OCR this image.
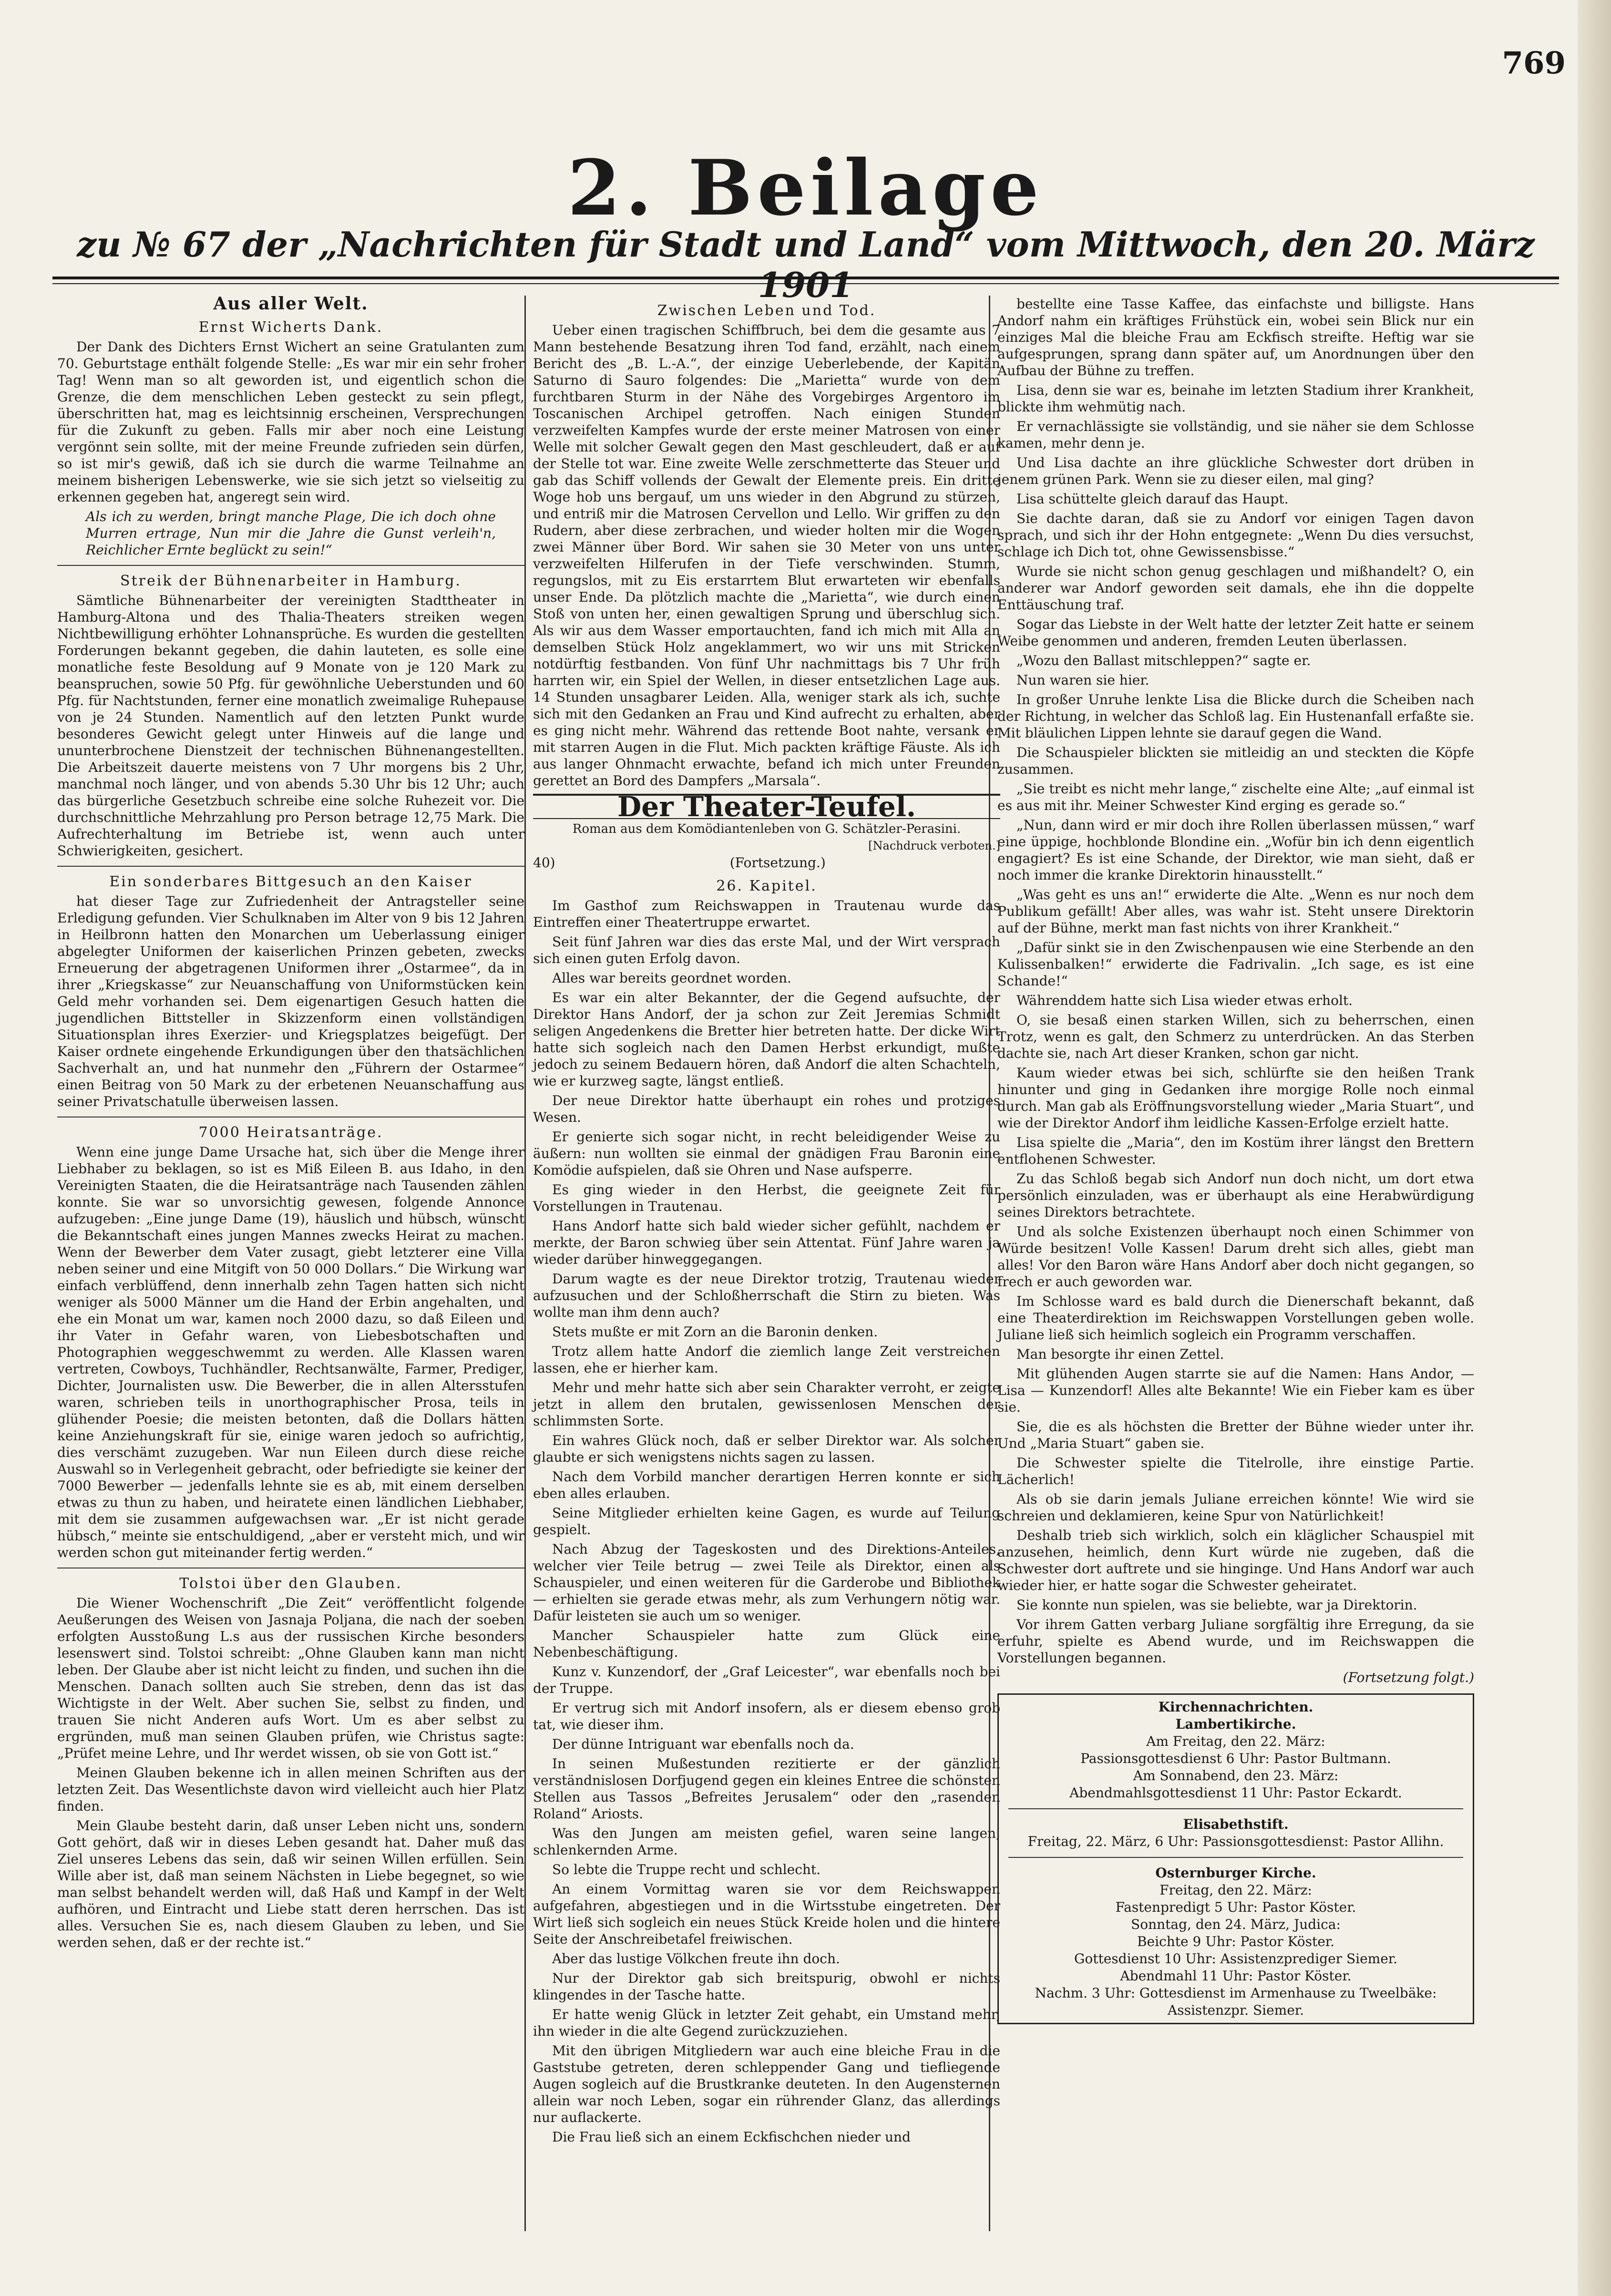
769
2. Beilage
zu № 67 der „Nachrichten für Stadt und Land“ vom Mittwoch, den 20. März 1901
Aus aller Welt.
Ernst Wicherts Dank.

Der Dank des Dichters Ernst Wichert an seine Gratulanten zum 70. Geburtstage enthält folgende Stelle: „Es war mir ein sehr froher Tag! Wenn man so alt geworden ist, und eigentlich schon die Grenze, die dem menschlichen Leben gesteckt zu sein pflegt, überschritten hat, mag es leichtsinnig erscheinen, Versprechungen für die Zukunft zu geben. Falls mir aber noch eine Leistung vergönnt sein sollte, mit der meine Freunde zufrieden sein dürfen, so ist mir's gewiß, daß ich sie durch die warme Teilnahme an meinem bisherigen Lebenswerke, wie sie sich jetzt so vielseitig zu erkennen gegeben hat, angeregt sein wird.

Als ich zu werden, bringt manche Plage, Die ich doch ohne Murren ertrage, Nun mir die Jahre die Gunst verleih'n, Reichlicher Ernte beglückt zu sein!“

Streik der Bühnenarbeiter in Hamburg.

Sämtliche Bühnenarbeiter der vereinigten Stadttheater in Hamburg-Altona und des Thalia-Theaters streiken wegen Nichtbewilligung erhöhter Lohnansprüche. Es wurden die gestellten Forderungen bekannt gegeben, die dahin lauteten, es solle eine monatliche feste Besoldung auf 9 Monate von je 120 Mark zu beanspruchen, sowie 50 Pfg. für gewöhnliche Ueberstunden und 60 Pfg. für Nachtstunden, ferner eine monatlich zweimalige Ruhepause von je 24 Stunden. Namentlich auf den letzten Punkt wurde besonderes Gewicht gelegt unter Hinweis auf die lange und ununterbrochene Dienstzeit der technischen Bühnenangestellten. Die Arbeitszeit dauerte meistens von 7 Uhr morgens bis 2 Uhr, manchmal noch länger, und von abends 5.30 Uhr bis 12 Uhr; auch das bürgerliche Gesetzbuch schreibe eine solche Ruhezeit vor. Die durchschnittliche Mehrzahlung pro Person betrage 12,75 Mark. Die Aufrechterhaltung im Betriebe ist, wenn auch unter Schwierigkeiten, gesichert.

Ein sonderbares Bittgesuch an den Kaiser

hat dieser Tage zur Zufriedenheit der Antragsteller seine Erledigung gefunden. Vier Schulknaben im Alter von 9 bis 12 Jahren in Heilbronn hatten den Monarchen um Ueberlassung einiger abgelegter Uniformen der kaiserlichen Prinzen gebeten, zwecks Erneuerung der abgetragenen Uniformen ihrer „Ostarmee“, da in ihrer „Kriegskasse“ zur Neuanschaffung von Uniformstücken kein Geld mehr vorhanden sei. Dem eigenartigen Gesuch hatten die jugendlichen Bittsteller in Skizzenform einen vollständigen Situationsplan ihres Exerzier- und Kriegsplatzes beigefügt. Der Kaiser ordnete eingehende Erkundigungen über den thatsächlichen Sachverhalt an, und hat nunmehr den „Führern der Ostarmee“ einen Beitrag von 50 Mark zu der erbetenen Neuanschaffung aus seiner Privatschatulle überweisen lassen.

7000 Heiratsanträge.

Wenn eine junge Dame Ursache hat, sich über die Menge ihrer Liebhaber zu beklagen, so ist es Miß Eileen B. aus Idaho, in den Vereinigten Staaten, die die Heiratsanträge nach Tausenden zählen konnte. Sie war so unvorsichtig gewesen, folgende Annonce aufzugeben: „Eine junge Dame (19), häuslich und hübsch, wünscht die Bekanntschaft eines jungen Mannes zwecks Heirat zu machen. Wenn der Bewerber dem Vater zusagt, giebt letzterer eine Villa neben seiner und eine Mitgift von 50 000 Dollars.“ Die Wirkung war einfach verblüffend, denn innerhalb zehn Tagen hatten sich nicht weniger als 5000 Männer um die Hand der Erbin angehalten, und ehe ein Monat um war, kamen noch 2000 dazu, so daß Eileen und ihr Vater in Gefahr waren, von Liebesbotschaften und Photographien weggeschwemmt zu werden. Alle Klassen waren vertreten, Cowboys, Tuchhändler, Rechtsanwälte, Farmer, Prediger, Dichter, Journalisten usw. Die Bewerber, die in allen Altersstufen waren, schrieben teils in unorthographischer Prosa, teils in glühender Poesie; die meisten betonten, daß die Dollars hätten keine Anziehungskraft für sie, einige waren jedoch so aufrichtig, dies verschämt zuzugeben. War nun Eileen durch diese reiche Auswahl so in Verlegenheit gebracht, oder befriedigte sie keiner der 7000 Bewerber — jedenfalls lehnte sie es ab, mit einem derselben etwas zu thun zu haben, und heiratete einen ländlichen Liebhaber, mit dem sie zusammen aufgewachsen war. „Er ist nicht gerade hübsch,“ meinte sie entschuldigend, „aber er versteht mich, und wir werden schon gut miteinander fertig werden.“

Tolstoi über den Glauben.

Die Wiener Wochenschrift „Die Zeit“ veröffentlicht folgende Aeußerungen des Weisen von Jasnaja Poljana, die nach der soeben erfolgten Ausstoßung L.s aus der russischen Kirche besonders lesenswert sind. Tolstoi schreibt: „Ohne Glauben kann man nicht leben. Der Glaube aber ist nicht leicht zu finden, und suchen ihn die Menschen. Danach sollten auch Sie streben, denn das ist das Wichtigste in der Welt. Aber suchen Sie, selbst zu finden, und trauen Sie nicht Anderen aufs Wort. Um es aber selbst zu ergründen, muß man seinen Glauben prüfen, wie Christus sagte: „Prüfet meine Lehre, und Ihr werdet wissen, ob sie von Gott ist.“

Meinen Glauben bekenne ich in allen meinen Schriften aus der letzten Zeit. Das Wesentlichste davon wird vielleicht auch hier Platz finden.

Mein Glaube besteht darin, daß unser Leben nicht uns, sondern Gott gehört, daß wir in dieses Leben gesandt hat. Daher muß das Ziel unseres Lebens das sein, daß wir seinen Willen erfüllen. Sein Wille aber ist, daß man seinem Nächsten in Liebe begegnet, so wie man selbst behandelt werden will, daß Haß und Kampf in der Welt aufhören, und Eintracht und Liebe statt deren herrschen. Das ist alles. Versuchen Sie es, nach diesem Glauben zu leben, und Sie werden sehen, daß er der rechte ist.“

Zwischen Leben und Tod.

Ueber einen tragischen Schiffbruch, bei dem die gesamte aus 7 Mann bestehende Besatzung ihren Tod fand, erzählt, nach einem Bericht des „B. L.-A.“, der einzige Ueberlebende, der Kapitän Saturno di Sauro folgendes: Die „Marietta“ wurde von dem furchtbaren Sturm in der Nähe des Vorgebirges Argentoro im Toscanischen Archipel getroffen. Nach einigen Stunden verzweifelten Kampfes wurde der erste meiner Matrosen von einer Welle mit solcher Gewalt gegen den Mast geschleudert, daß er auf der Stelle tot war. Eine zweite Welle zerschmetterte das Steuer und gab das Schiff vollends der Gewalt der Elemente preis. Ein dritte Woge hob uns bergauf, um uns wieder in den Abgrund zu stürzen, und entriß mir die Matrosen Cervellon und Lello. Wir griffen zu den Rudern, aber diese zerbrachen, und wieder holten mir die Wogen zwei Männer über Bord. Wir sahen sie 30 Meter von uns unter verzweifelten Hilferufen in der Tiefe verschwinden. Stumm, regungslos, mit zu Eis erstarrtem Blut erwarteten wir ebenfalls unser Ende. Da plötzlich machte die „Marietta“, wie durch einen Stoß von unten her, einen gewaltigen Sprung und überschlug sich. Als wir aus dem Wasser emportauchten, fand ich mich mit Alla an demselben Stück Holz angeklammert, wo wir uns mit Stricken notdürftig festbanden. Von fünf Uhr nachmittags bis 7 Uhr früh harrten wir, ein Spiel der Wellen, in dieser entsetzlichen Lage aus. 14 Stunden unsagbarer Leiden. Alla, weniger stark als ich, suchte sich mit den Gedanken an Frau und Kind aufrecht zu erhalten, aber es ging nicht mehr. Während das rettende Boot nahte, versank er mit starren Augen in die Flut. Mich packten kräftige Fäuste. Als ich aus langer Ohnmacht erwachte, befand ich mich unter Freunden gerettet an Bord des Dampfers „Marsala“.

Der Theater-Teufel.
Roman aus dem Komödiantenleben von G. Schätzler-Perasini.
[Nachdruck verboten.]
40)	(Fortsetzung.)
26. Kapitel.

Im Gasthof zum Reichswappen in Trautenau wurde das Eintreffen einer Theatertruppe erwartet.

Seit fünf Jahren war dies das erste Mal, und der Wirt versprach sich einen guten Erfolg davon.

Alles war bereits geordnet worden.

Es war ein alter Bekannter, der die Gegend aufsuchte, der Direktor Hans Andorf, der ja schon zur Zeit Jeremias Schmidt seligen Angedenkens die Bretter hier betreten hatte. Der dicke Wirt hatte sich sogleich nach den Damen Herbst erkundigt, mußte jedoch zu seinem Bedauern hören, daß Andorf die alten Schachteln, wie er kurzweg sagte, längst entließ.

Der neue Direktor hatte überhaupt ein rohes und protziges Wesen.

Er genierte sich sogar nicht, in recht beleidigender Weise zu äußern: nun wollten sie einmal der gnädigen Frau Baronin eine Komödie aufspielen, daß sie Ohren und Nase aufsperre.

Es ging wieder in den Herbst, die geeignete Zeit für Vorstellungen in Trautenau.

Hans Andorf hatte sich bald wieder sicher gefühlt, nachdem er merkte, der Baron schwieg über sein Attentat. Fünf Jahre waren ja wieder darüber hinweggegangen.

Darum wagte es der neue Direktor trotzig, Trautenau wieder aufzusuchen und der Schloßherrschaft die Stirn zu bieten. Was wollte man ihm denn auch?

Stets mußte er mit Zorn an die Baronin denken.

Trotz allem hatte Andorf die ziemlich lange Zeit verstreichen lassen, ehe er hierher kam.

Mehr und mehr hatte sich aber sein Charakter verroht, er zeigte jetzt in allem den brutalen, gewissenlosen Menschen der schlimmsten Sorte.

Ein wahres Glück noch, daß er selber Direktor war. Als solcher glaubte er sich wenigstens nichts sagen zu lassen.

Nach dem Vorbild mancher derartigen Herren konnte er sich eben alles erlauben.

Seine Mitglieder erhielten keine Gagen, es wurde auf Teilung gespielt.

Nach Abzug der Tageskosten und des Direktions-Anteiles, welcher vier Teile betrug — zwei Teile als Direktor, einen als Schauspieler, und einen weiteren für die Garderobe und Bibliothek — erhielten sie gerade etwas mehr, als zum Verhungern nötig war. Dafür leisteten sie auch um so weniger.

Mancher Schauspieler hatte zum Glück eine Nebenbeschäftigung.

Kunz v. Kunzendorf, der „Graf Leicester“, war ebenfalls noch bei der Truppe.

Er vertrug sich mit Andorf insofern, als er diesem ebenso grob tat, wie dieser ihm.

Der dünne Intriguant war ebenfalls noch da.

In seinen Mußestunden rezitierte er der gänzlich verständnislosen Dorfjugend gegen ein kleines Entree die schönsten Stellen aus Tassos „Befreites Jerusalem“ oder den „rasenden Roland“ Ariosts.

Was den Jungen am meisten gefiel, waren seine langen, schlenkernden Arme.

So lebte die Truppe recht und schlecht.

An einem Vormittag waren sie vor dem Reichswappen aufgefahren, abgestiegen und in die Wirtsstube eingetreten. Der Wirt ließ sich sogleich ein neues Stück Kreide holen und die hintere Seite der Anschreibetafel freiwischen.

Aber das lustige Völkchen freute ihn doch.

Nur der Direktor gab sich breitspurig, obwohl er nichts klingendes in der Tasche hatte.

Er hatte wenig Glück in letzter Zeit gehabt, ein Umstand mehr, ihn wieder in die alte Gegend zurückzuziehen.

Mit den übrigen Mitgliedern war auch eine bleiche Frau in die Gaststube getreten, deren schleppender Gang und tiefliegende Augen sogleich auf die Brustkranke deuteten. In den Augensternen allein war noch Leben, sogar ein rührender Glanz, das allerdings nur auflackerte.

Die Frau ließ sich an einem Eckfischchen nieder und

bestellte eine Tasse Kaffee, das einfachste und billigste. Hans Andorf nahm ein kräftiges Frühstück ein, wobei sein Blick nur ein einziges Mal die bleiche Frau am Eckfisch streifte. Heftig war sie aufgesprungen, sprang dann später auf, um Anordnungen über den Aufbau der Bühne zu treffen.

Lisa, denn sie war es, beinahe im letzten Stadium ihrer Krankheit, blickte ihm wehmütig nach.

Er vernachlässigte sie vollständig, und sie näher sie dem Schlosse kamen, mehr denn je.

Und Lisa dachte an ihre glückliche Schwester dort drüben in jenem grünen Park. Wenn sie zu dieser eilen, mal ging?

Lisa schüttelte gleich darauf das Haupt.

Sie dachte daran, daß sie zu Andorf vor einigen Tagen davon sprach, und sich ihr der Hohn entgegnete: „Wenn Du dies versuchst, schlage ich Dich tot, ohne Gewissensbisse.“

Wurde sie nicht schon genug geschlagen und mißhandelt? O, ein anderer war Andorf geworden seit damals, ehe ihn die doppelte Enttäuschung traf.

Sogar das Liebste in der Welt hatte der letzter Zeit hatte er seinem Weibe genommen und anderen, fremden Leuten überlassen.

„Wozu den Ballast mitschleppen?“ sagte er.

Nun waren sie hier.

In großer Unruhe lenkte Lisa die Blicke durch die Scheiben nach der Richtung, in welcher das Schloß lag. Ein Hustenanfall erfaßte sie. Mit bläulichen Lippen lehnte sie darauf gegen die Wand.

Die Schauspieler blickten sie mitleidig an und steckten die Köpfe zusammen.

„Sie treibt es nicht mehr lange,“ zischelte eine Alte; „auf einmal ist es aus mit ihr. Meiner Schwester Kind erging es gerade so.“

„Nun, dann wird er mir doch ihre Rollen überlassen müssen,“ warf eine üppige, hochblonde Blondine ein. „Wofür bin ich denn eigentlich engagiert? Es ist eine Schande, der Direktor, wie man sieht, daß er noch immer die kranke Direktorin hinausstellt.“

„Was geht es uns an!“ erwiderte die Alte. „Wenn es nur noch dem Publikum gefällt! Aber alles, was wahr ist. Steht unsere Direktorin auf der Bühne, merkt man fast nichts von ihrer Krankheit.“

„Dafür sinkt sie in den Zwischenpausen wie eine Sterbende an den Kulissenbalken!“ erwiderte die Fadrivalin. „Ich sage, es ist eine Schande!“

Währenddem hatte sich Lisa wieder etwas erholt.

O, sie besaß einen starken Willen, sich zu beherrschen, einen Trotz, wenn es galt, den Schmerz zu unterdrücken. An das Sterben dachte sie, nach Art dieser Kranken, schon gar nicht.

Kaum wieder etwas bei sich, schlürfte sie den heißen Trank hinunter und ging in Gedanken ihre morgige Rolle noch einmal durch. Man gab als Eröffnungsvorstellung wieder „Maria Stuart“, und wie der Direktor Andorf ihm leidliche Kassen-Erfolge erzielt hatte.

Lisa spielte die „Maria“, den im Kostüm ihrer längst den Brettern entflohenen Schwester.

Zu das Schloß begab sich Andorf nun doch nicht, um dort etwa persönlich einzuladen, was er überhaupt als eine Herabwürdigung seines Direktors betrachtete.

Und als solche Existenzen überhaupt noch einen Schimmer von Würde besitzen! Volle Kassen! Darum dreht sich alles, giebt man alles! Vor den Baron wäre Hans Andorf aber doch nicht gegangen, so frech er auch geworden war.

Im Schlosse ward es bald durch die Dienerschaft bekannt, daß eine Theaterdirektion im Reichswappen Vorstellungen geben wolle. Juliane ließ sich heimlich sogleich ein Programm verschaffen.

Man besorgte ihr einen Zettel.

Mit glühenden Augen starrte sie auf die Namen: Hans Andor, — Lisa — Kunzendorf! Alles alte Bekannte! Wie ein Fieber kam es über sie.

Sie, die es als höchsten die Bretter der Bühne wieder unter ihr. Und „Maria Stuart“ gaben sie.

Die Schwester spielte die Titelrolle, ihre einstige Partie. Lächerlich!

Als ob sie darin jemals Juliane erreichen könnte! Wie wird sie schreien und deklamieren, keine Spur von Natürlichkeit!

Deshalb trieb sich wirklich, solch ein kläglicher Schauspiel mit anzusehen, heimlich, denn Kurt würde nie zugeben, daß die Schwester dort auftrete und sie hinginge. Und Hans Andorf war auch wieder hier, er hatte sogar die Schwester geheiratet.

Sie konnte nun spielen, was sie beliebte, war ja Direktorin.

Vor ihrem Gatten verbarg Juliane sorgfältig ihre Erregung, da sie erfuhr, spielte es Abend wurde, und im Reichswappen die Vorstellungen begannen.

(Fortsetzung folgt.)
Kirchennachrichten.
Lambertikirche.
Am Freitag, den 22. März:
Passionsgottesdienst 6 Uhr: Pastor Bultmann.
Am Sonnabend, den 23. März:
Abendmahlsgottesdienst 11 Uhr: Pastor Eckardt.
Elisabethstift.
Freitag, 22. März, 6 Uhr: Passionsgottesdienst: Pastor Allihn.
Osternburger Kirche.
Freitag, den 22. März:
Fastenpredigt 5 Uhr: Pastor Köster.
Sonntag, den 24. März, Judica:
Beichte 9 Uhr: Pastor Köster.
Gottesdienst 10 Uhr: Assistenzprediger Siemer.
Abendmahl 11 Uhr: Pastor Köster.
Nachm. 3 Uhr: Gottesdienst im Armenhause zu Tweelbäke: Assistenzpr. Siemer.
